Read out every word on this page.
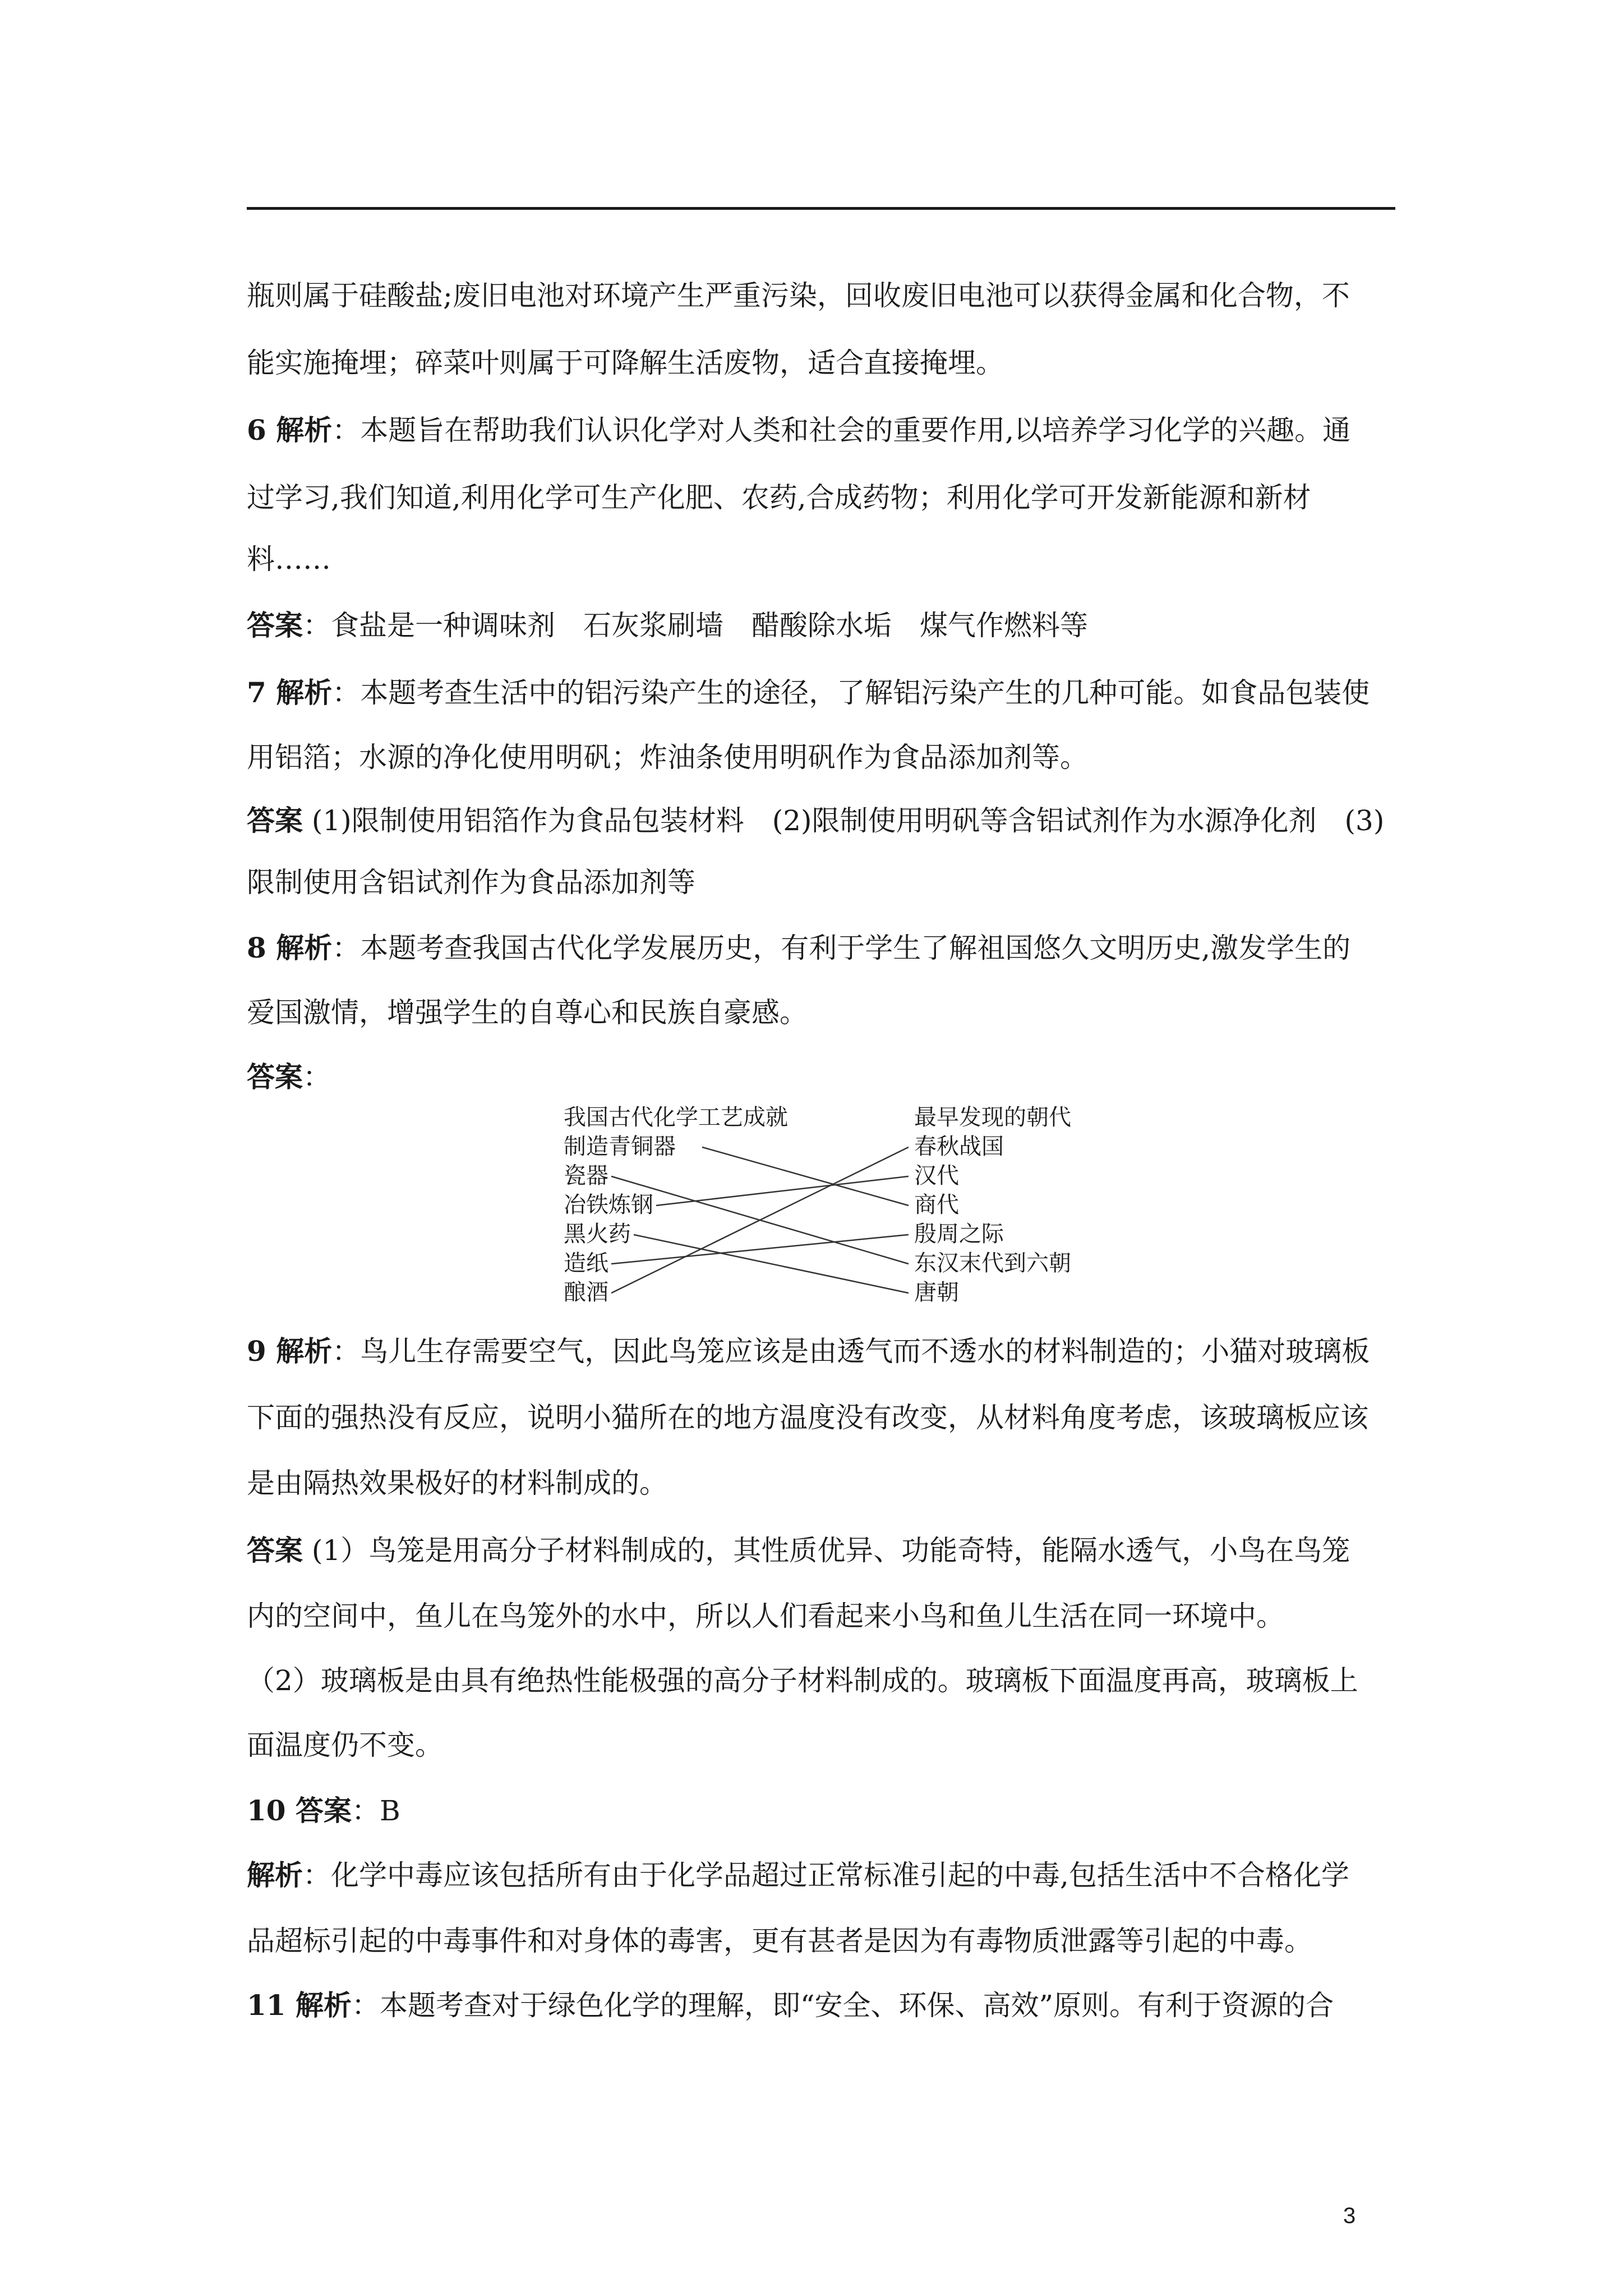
瓶则属于硅酸盐;废旧电池对环境产生严重污染，回收废旧电池可以获得金属和化合物，不
能实施掩埋；碎菜叶则属于可降解生活废物，适合直接掩埋。
6 解析：本题旨在帮助我们认识化学对人类和社会的重要作用,以培养学习化学的兴趣。通
过学习,我们知道,利用化学可生产化肥、农药,合成药物；利用化学可开发新能源和新材
料……
答案：食盐是一种调味剂　石灰浆刷墙　醋酸除水垢　煤气作燃料等
7 解析：本题考查生活中的铝污染产生的途径，了解铝污染产生的几种可能。如食品包装使
用铝箔；水源的净化使用明矾；炸油条使用明矾作为食品添加剂等。
答案 (1)限制使用铝箔作为食品包装材料　(2)限制使用明矾等含铝试剂作为水源净化剂　(3)
限制使用含铝试剂作为食品添加剂等
8 解析：本题考查我国古代化学发展历史，有利于学生了解祖国悠久文明历史,激发学生的
爱国激情，增强学生的自尊心和民族自豪感。
答案：
9 解析：鸟儿生存需要空气，因此鸟笼应该是由透气而不透水的材料制造的；小猫对玻璃板
下面的强热没有反应，说明小猫所在的地方温度没有改变，从材料角度考虑，该玻璃板应该
是由隔热效果极好的材料制成的。
答案 (1）鸟笼是用高分子材料制成的，其性质优异、功能奇特，能隔水透气，小鸟在鸟笼
内的空间中，鱼儿在鸟笼外的水中，所以人们看起来小鸟和鱼儿生活在同一环境中。
（2）玻璃板是由具有绝热性能极强的高分子材料制成的。玻璃板下面温度再高，玻璃板上
面温度仍不变。
10 答案：B
解析：化学中毒应该包括所有由于化学品超过正常标准引起的中毒,包括生活中不合格化学
品超标引起的中毒事件和对身体的毒害，更有甚者是因为有毒物质泄露等引起的中毒。
11 解析：本题考查对于绿色化学的理解，即“安全、环保、高效”原则。有利于资源的合
我国古代化学工艺成就	最早发现的朝代
制造青铜器
瓷器
冶铁炼钢
黑火药
造纸
酿酒
春秋战国
汉代
商代
殷周之际
东汉末代到六朝
唐朝
3
